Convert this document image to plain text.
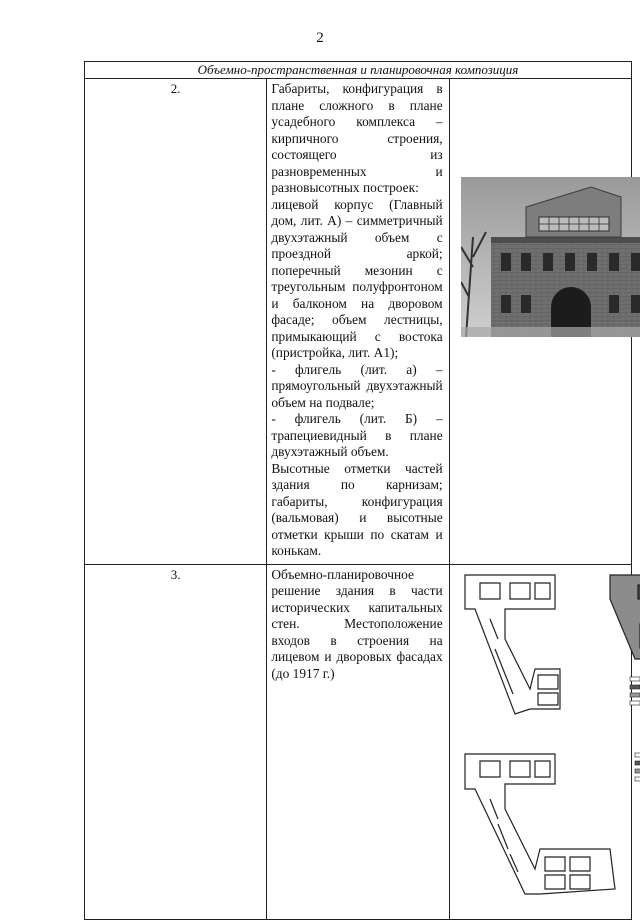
2
Объемно-пространственная и планировочная композиция		
2.	Габариты, конфигурация в плане сложного в плане усадебного комплекса – кирпичного строения, состоящего из разновременных и разновысотных построек:

лицевой корпус (Главный дом, лит. А) – симметричный двухэтажный объем с проездной аркой; поперечный мезонин с треугольным полуфронтоном и балконом на дворовом фасаде; объем лестницы, примыкающий с востока (пристройка, лит. А1);

- флигель (лит. а) – прямоугольный двухэтажный объем на подвале;

- флигель (лит. Б) – трапециевидный в плане двухэтажный объем.

Высотные отметки частей здания по карнизам; габариты, конфигурация (вальмовая) и высотные отметки крыши по скатам и конькам.

3.	Объемно-планировочное решение здания в части исторических капитальных стен. Местоположение входов в строения на лицевом и дворовых фасадах (до 1917 г.)
